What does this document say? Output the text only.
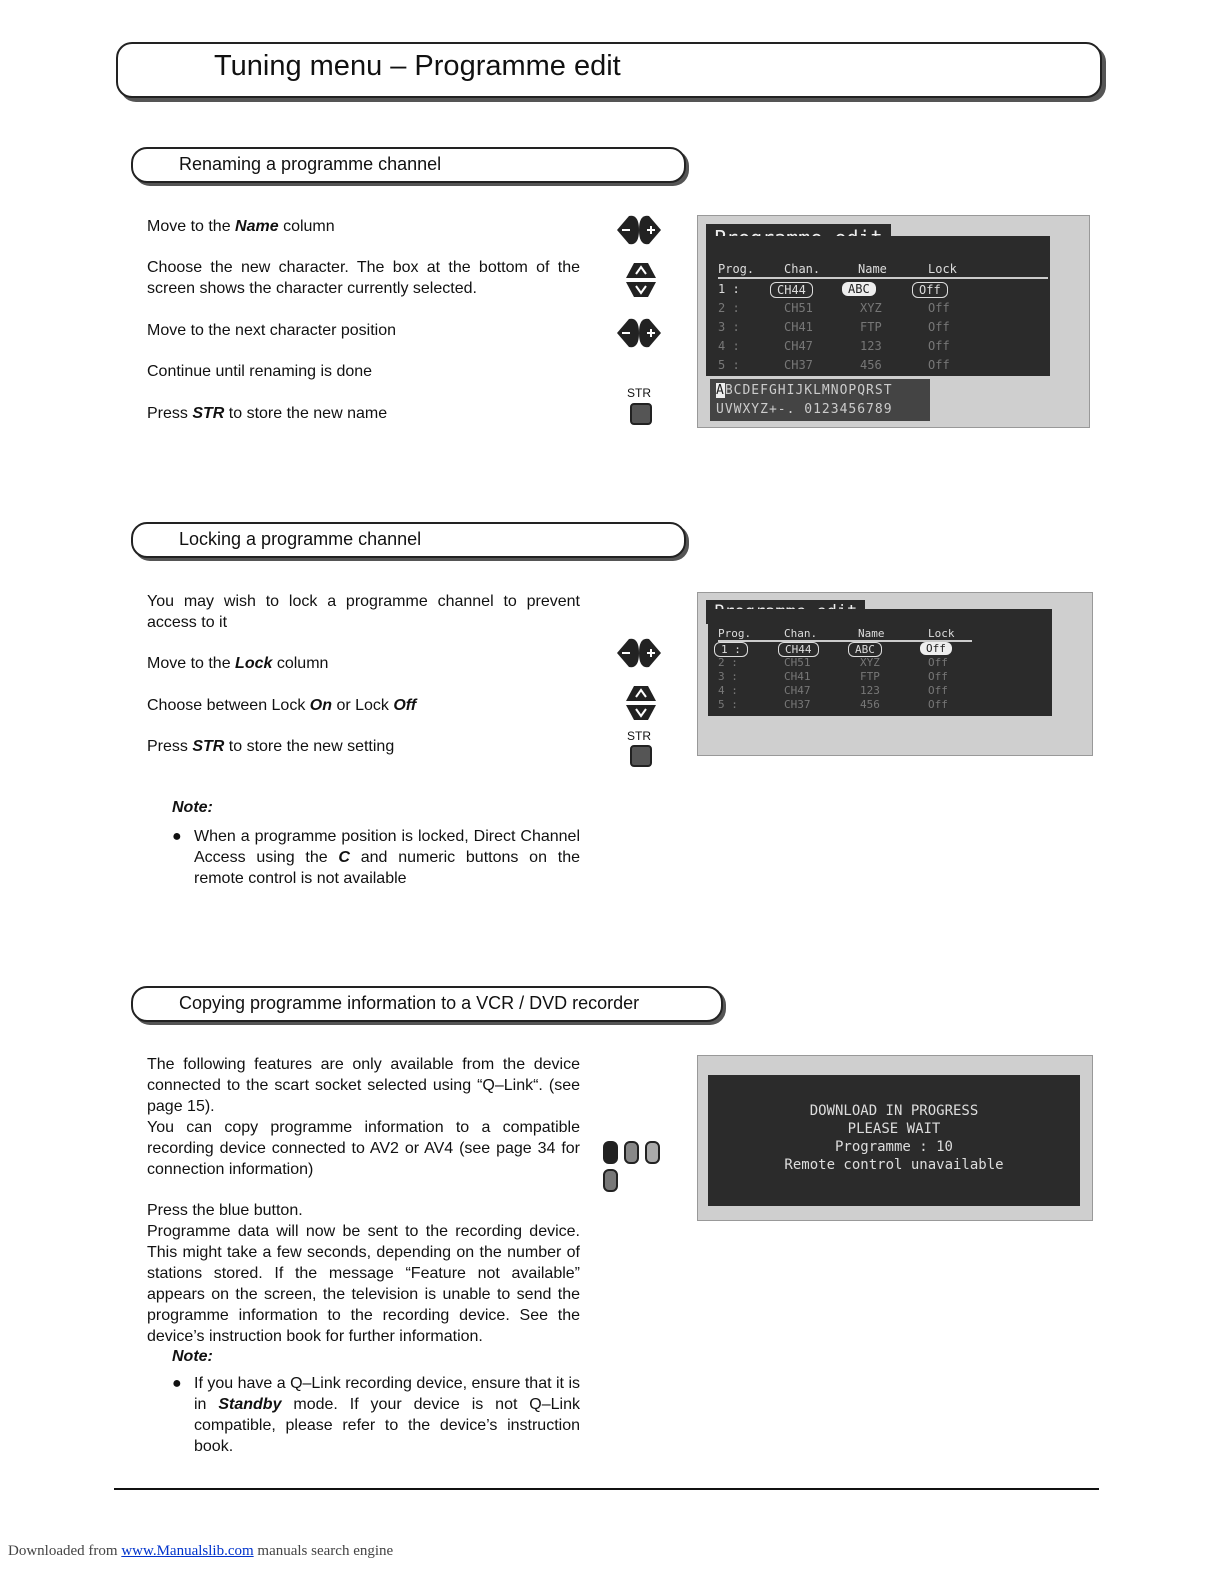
Tuning menu – Programme edit
Renaming a programme channel
Move to the Name column
Choose the new character. The box at the bottom of the screen shows the character currently selected.
Move to the next character position
Continue until renaming is done
Press STR to store the new name
STR
Prog. Chan.	Name	Lock
1 :	CH44	ABC	Off
2 :	CH51	XYZ	Off
3 :	CH41	FTP	Off
4 :	CH47	123	Off
5 :	CH37	456	Off
ABCDEFGHIJKLMNOPQRST
UVWXYZ+-. 0123456789
Locking a programme channel
You may wish to lock a programme channel to prevent access to it
Move to the Lock column
Choose between Lock On or Lock Off
Press STR to store the new setting
STR
Prog.	Chan.	Name	Lock
1 :	CH44	ABC	Off
2 :	CH51	XYZ	Off
3 :	CH41	FTP	Off
4 :	CH47	123	Off
5 :	CH37	456	Off
Note:
● When a programme position is locked, Direct Channel Access using the C and numeric buttons on the remote control is not available
Copying programme information to a VCR / DVD recorder
The following features are only available from the device connected to the scart socket selected using “Q–Link“. (see page 15).
You can copy programme information to a compatible recording device connected to AV2 or AV4 (see page 34 for connection information)
Press the blue button.
Programme data will now be sent to the recording device. This might take a few seconds, depending on the number of stations stored. If the message “Feature not available” appears on the screen, the television is unable to send the programme information to the recording device. See the device’s instruction book for further information.
DOWNLOAD IN PROGRESS
PLEASE WAIT
Programme : 10
Remote control unavailable
Note:
● If you have a Q–Link recording device, ensure that it is in Standby mode. If your device is not Q–Link compatible, please refer to the device’s instruction book.
Downloaded from www.Manualslib.com manuals search engine
